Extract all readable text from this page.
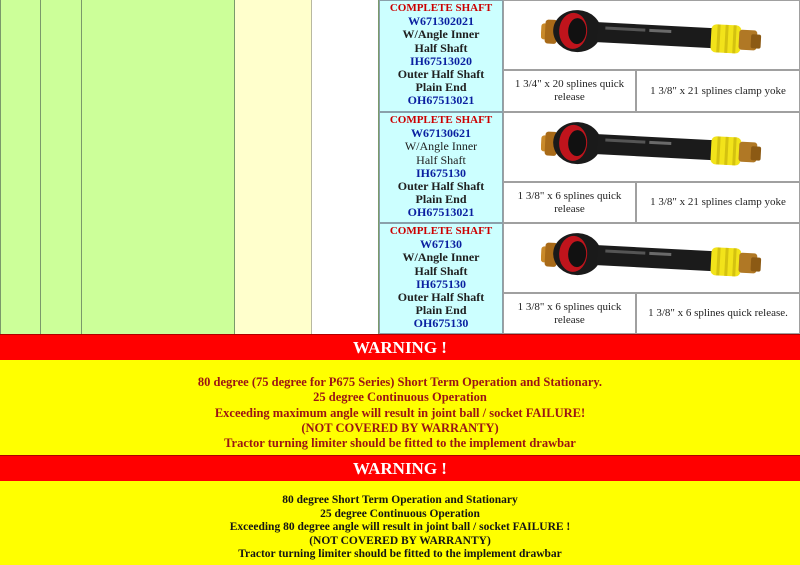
COMPLETE SHAFT
W671302021
W/Angle Inner
Half Shaft
IH67513020
Outer Half Shaft
Plain End
OH67513021
1 3/4" x 20 splines quick release
1 3/8" x 21 splines clamp yoke
COMPLETE SHAFT
W67130621
W/Angle Inner
Half Shaft
IH675130
Outer Half Shaft
Plain End
OH67513021
1 3/8" x 6 splines quick release
1 3/8" x 21 splines clamp yoke
COMPLETE SHAFT
W67130
W/Angle Inner
Half Shaft
IH675130
Outer Half Shaft
Plain End
OH675130
1 3/8" x 6 splines quick release
1 3/8" x 6 splines quick release.
WARNING !
80 degree (75 degree for P675 Series) Short Term Operation and Stationary.
25 degree Continuous Operation
Exceeding maximum angle will result in joint ball / socket FAILURE!
(NOT COVERED BY WARRANTY)
Tractor turning limiter should be fitted to the implement drawbar
WARNING !
80 degree Short Term Operation and Stationary
25 degree Continuous Operation
Exceeding 80 degree angle will result in joint ball / socket FAILURE !
(NOT COVERED BY WARRANTY)
Tractor turning limiter should be fitted to the implement drawbar
